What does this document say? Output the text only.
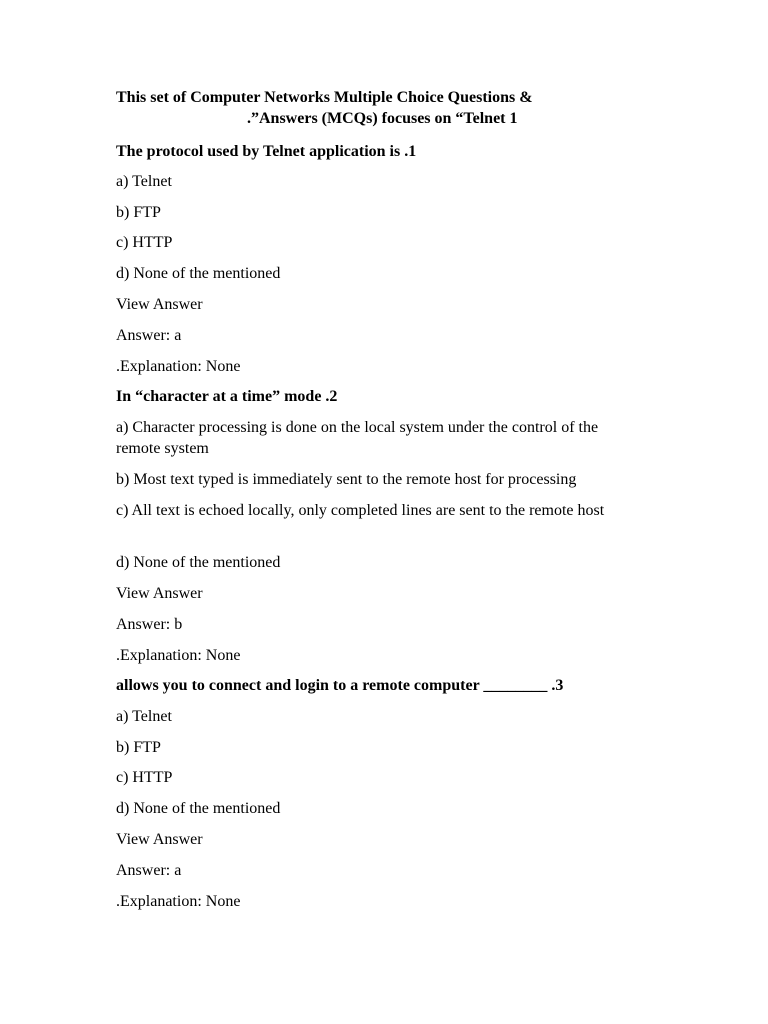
This set of Computer Networks Multiple Choice Questions &
.”Answers (MCQs) focuses on “Telnet 1
The protocol used by Telnet application is .1
a) Telnet
b) FTP
c) HTTP
d) None of the mentioned
View Answer
Answer: a
.Explanation: None
In “character at a time” mode .2
a) Character processing is done on the local system under the control of the remote system
b) Most text typed is immediately sent to the remote host for processing
c) All text is echoed locally, only completed lines are sent to the remote host
d) None of the mentioned
View Answer
Answer: b
.Explanation: None
allows you to connect and login to a remote computer ________ .3
a) Telnet
b) FTP
c) HTTP
d) None of the mentioned
View Answer
Answer: a
.Explanation: None
